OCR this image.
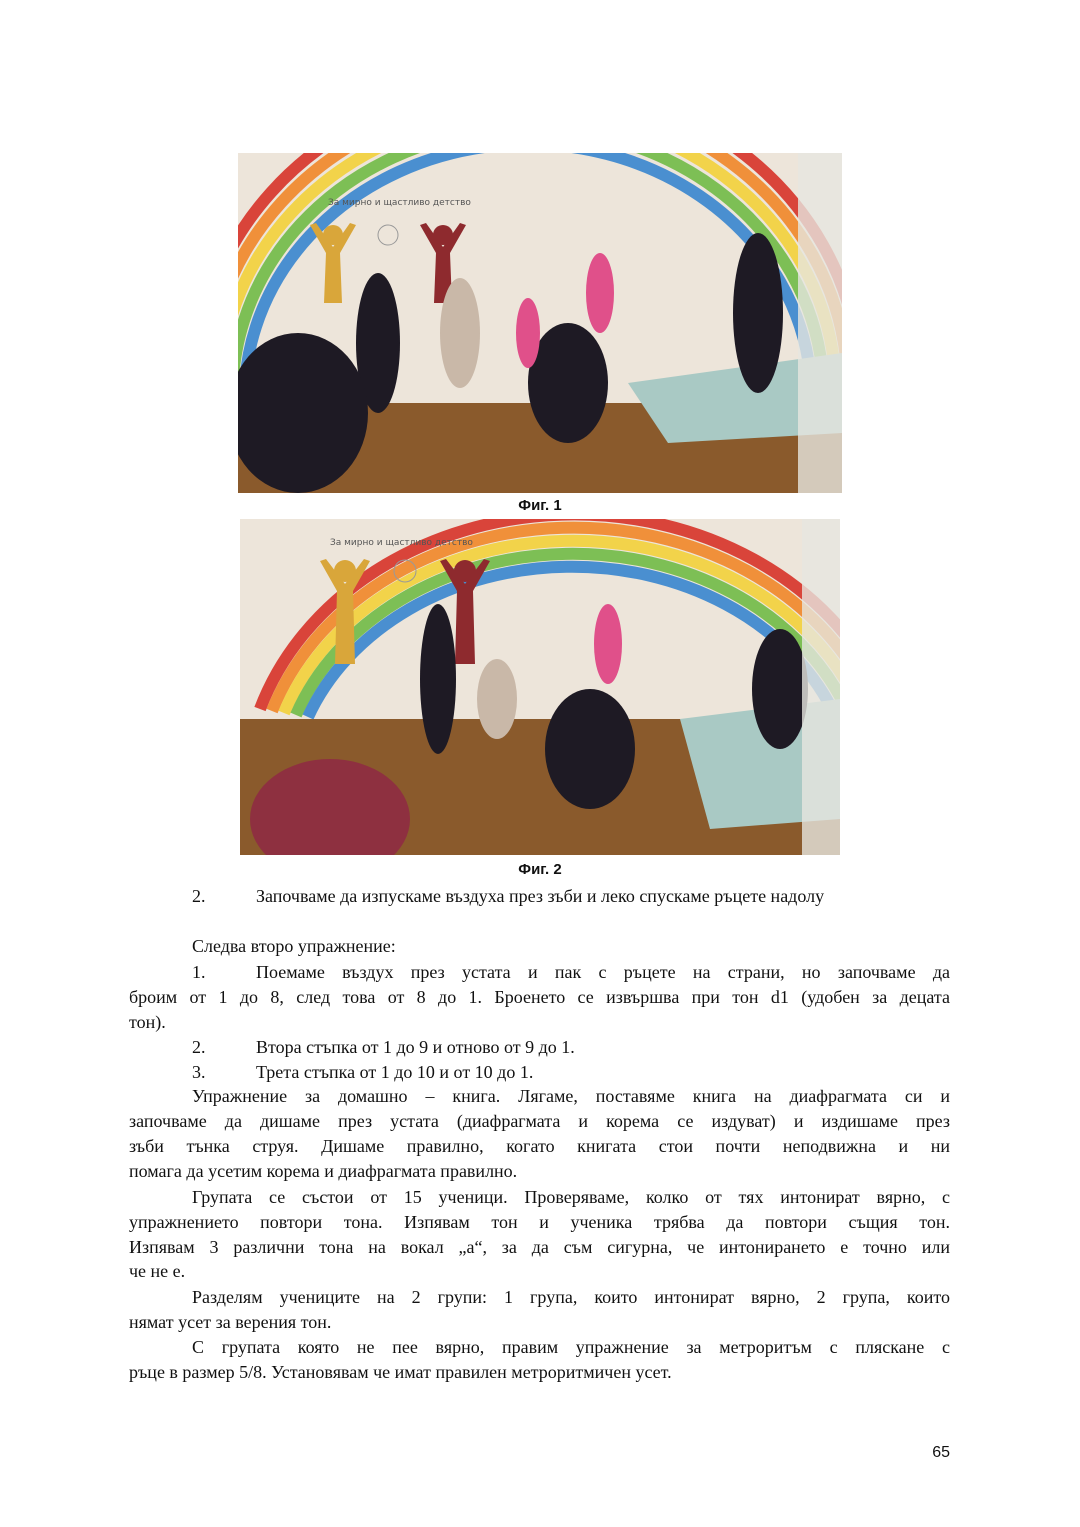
За мирно и щастливо детство
Фиг. 1
За мирно и щастливо детство
Фиг. 2
2.	Започваме да изпускаме въздуха през зъби и леко спускаме ръцете надолу
Следва второ упражнение:
1.	Поемаме въздух през устата и пак с ръцете на страни, но започваме да
броим от 1 до 8, след това от 8 до 1. Броенето се извършва при тон d1 (удобен за децата
тон).
2.	Втора стъпка от 1 до 9 и отново от 9 до 1.
3.	Трета стъпка от 1 до 10 и от 10 до 1.
Упражнение за домашно – книга. Лягаме, поставяме книга на диафрагмата си и
започваме да дишаме през устата (диафрагмата и корема се издуват) и издишаме през
зъби тънка струя. Дишаме правилно, когато книгата стои почти неподвижна и ни
помага да усетим корема и диафрагмата правилно.
Групата се състои от 15 ученици. Проверяваме, колко от тях интонират вярно, с
упражнението повтори тона. Изпявам тон и ученика трябва да повтори същия тон.
Изпявам 3 различни тона на вокал „а“, за да съм сигурна, че интонирането е точно или
че не е.
Разделям учениците на 2 групи: 1 група, които интонират вярно, 2 група, които
нямат усет за верения тон.
С групата която не пее вярно, правим упражнение за метроритъм с пляскане с
ръце в размер 5/8. Установявам че имат правилен метроритмичен усет.
65
